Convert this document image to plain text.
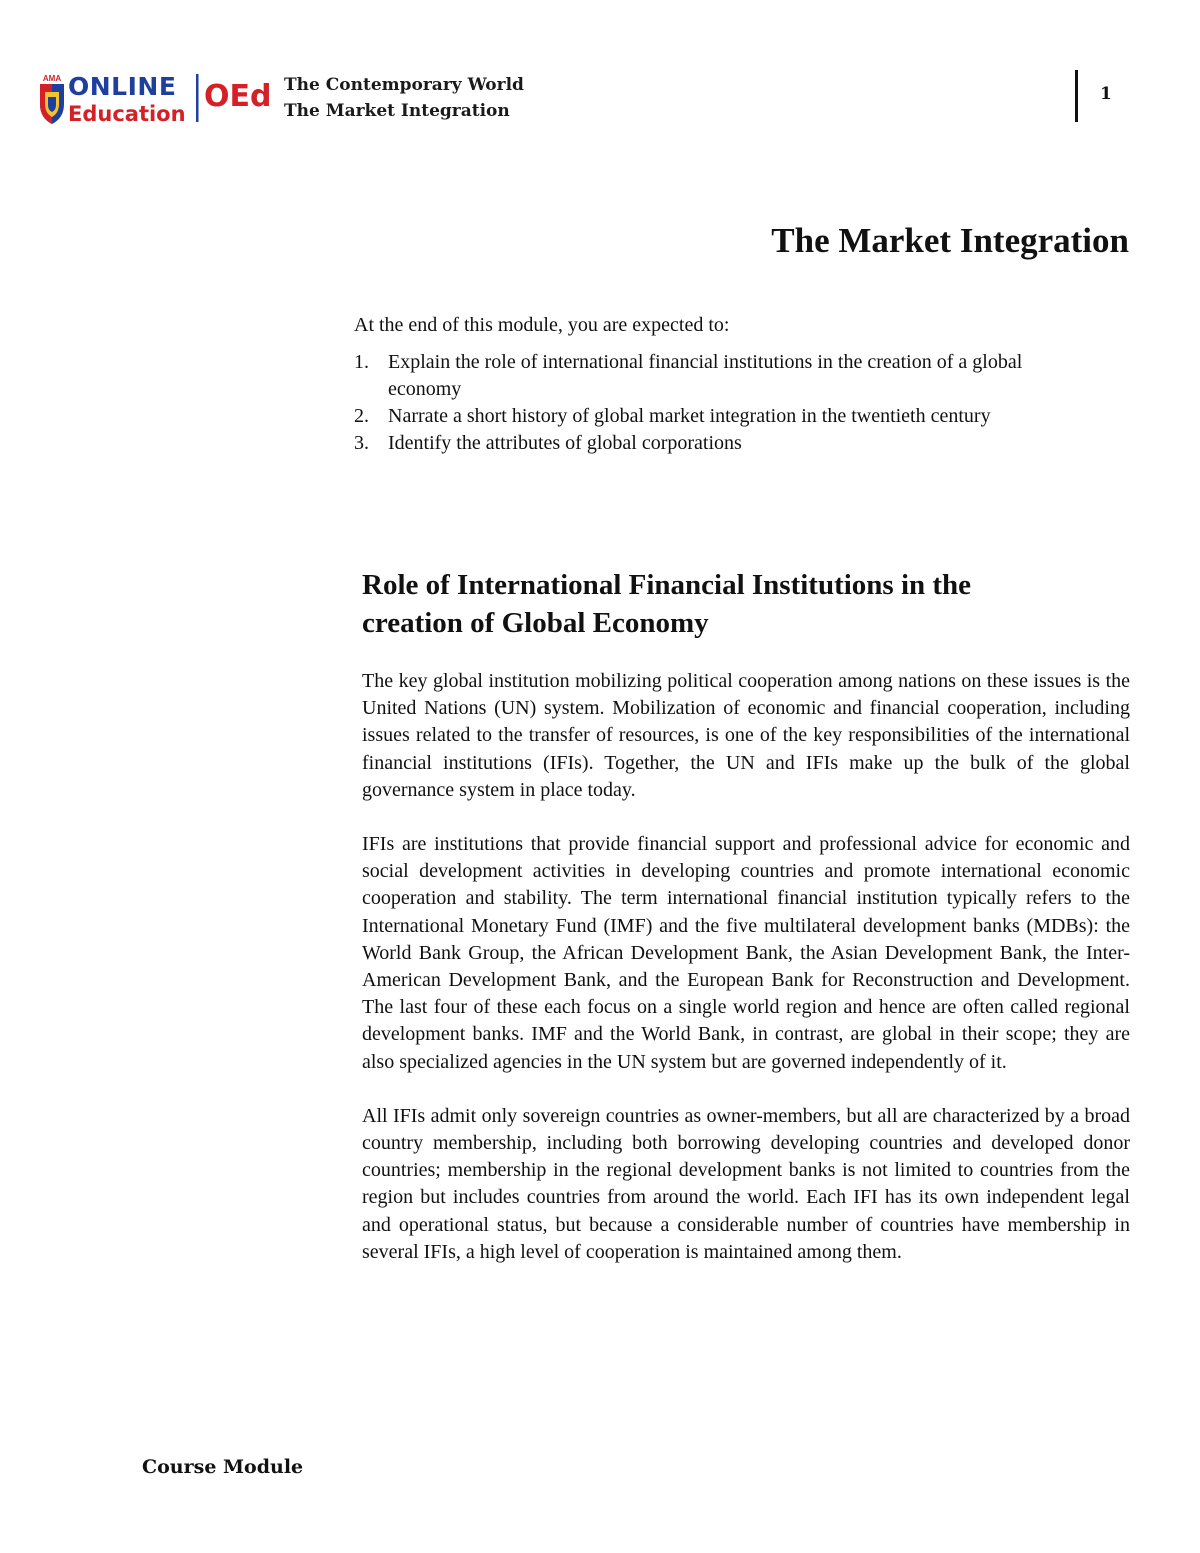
AMA ONLINE
Education OEd The Contemporary World
The Market Integration
1
The Market Integration

At the end of this module, you are expected to:

1. Explain the role of international financial institutions in the creation of a global economy
2. Narrate a short history of global market integration in the twentieth century
3. Identify the attributes of global corporations
Role of International Financial Institutions in the creation of Global Economy

The key global institution mobilizing political cooperation among nations on these issues is the United Nations (UN) system. Mobilization of economic and financial cooperation, including issues related to the transfer of resources, is one of the key responsibilities of the international financial institutions (IFIs). Together, the UN and IFIs make up the bulk of the global governance system in place today.

IFIs are institutions that provide financial support and professional advice for economic and social development activities in developing countries and promote international economic cooperation and stability. The term international financial institution typically refers to the International Monetary Fund (IMF) and the five multilateral development banks (MDBs): the World Bank Group, the African Development Bank, the Asian Development Bank, the Inter-American Development Bank, and the European Bank for Reconstruction and Development. The last four of these each focus on a single world region and hence are often called regional development banks. IMF and the World Bank, in contrast, are global in their scope; they are also specialized agencies in the UN system but are governed independently of it.

All IFIs admit only sovereign countries as owner-members, but all are characterized by a broad country membership, including both borrowing developing countries and developed donor countries; membership in the regional development banks is not limited to countries from the region but includes countries from around the world. Each IFI has its own independent legal and operational status, but because a considerable number of countries have membership in several IFIs, a high level of cooperation is maintained among them.

Course Module
